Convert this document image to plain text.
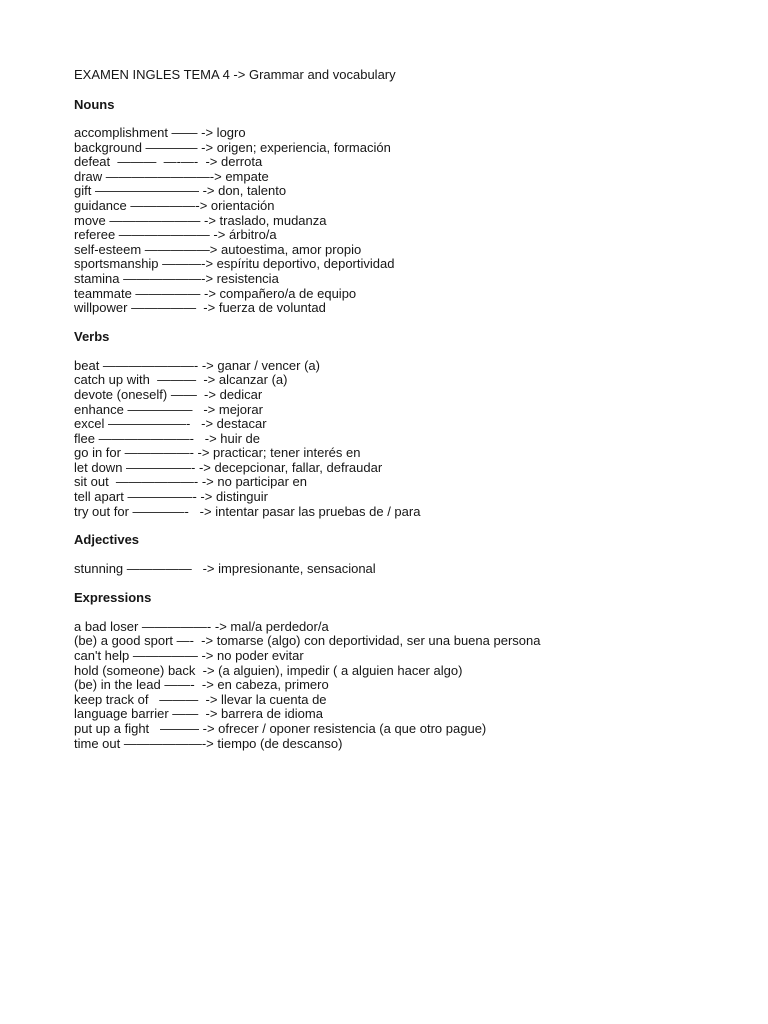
EXAMEN INGLES TEMA 4 -> Grammar and vocabulary
Nouns
accomplishment —— -> logro
background ———— -> origen; experiencia, formación
defeat  ———  —-—-  -> derrota
draw ————————-> empate
gift ———————— -> don, talento
guidance —————-> orientación
move ——————— -> traslado, mudanza
referee ——————— -> árbitro/a
self-esteem —————> autoestima, amor propio
sportsmanship ———-> espíritu deportivo, deportividad
stamina ——————-> resistencia
teammate ————— -> compañero/a de equipo
willpower —————  -> fuerza de voluntad
Verbs
beat ———————- -> ganar / vencer (a)
catch up with  ———  -> alcanzar (a)
devote (oneself) ——  -> dedicar
enhance —————   -> mejorar
excel ——————-   -> destacar
flee ———————-   -> huir de
go in for —————- -> practicar; tener interés en
let down —————- -> decepcionar, fallar, defraudar
sit out  ——————- -> no participar en
tell apart —————- -> distinguir
try out for ————-   -> intentar pasar las pruebas de / para
Adjectives
stunning —————   -> impresionante, sensacional
Expressions
a bad loser —————- -> mal/a perdedor/a
(be) a good sport —-  -> tomarse (algo) con deportividad, ser una buena persona
can't help ————— -> no poder evitar
hold (someone) back  -> (a alguien), impedir ( a alguien hacer algo)
(be) in the lead ——-  -> en cabeza, primero
keep track of   ———  -> llevar la cuenta de
language barrier ——  -> barrera de idioma
put up a fight   ——— -> ofrecer / oponer resistencia (a que otro pague)
time out ——————-> tiempo (de descanso)
